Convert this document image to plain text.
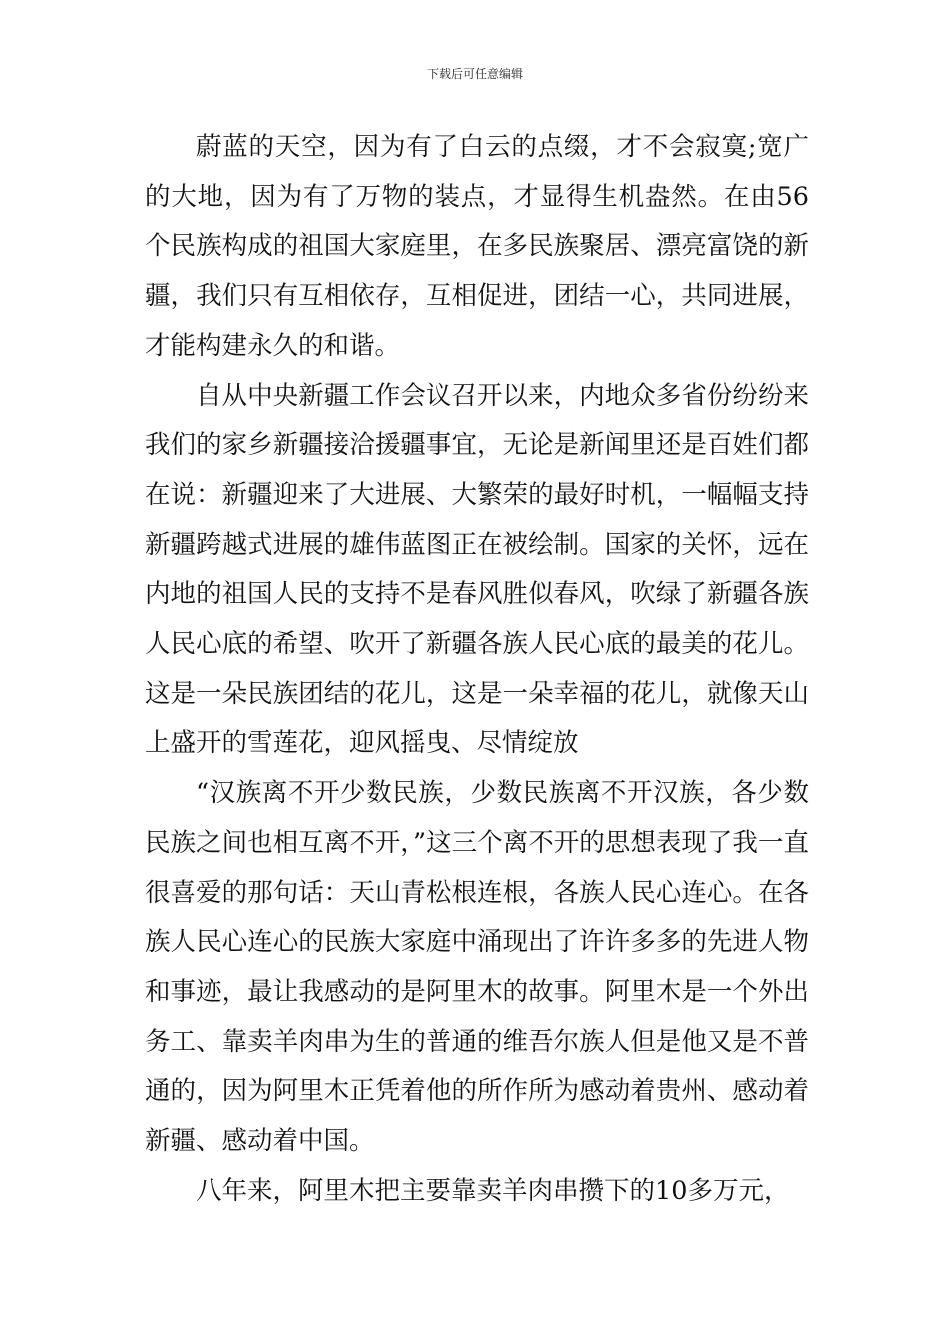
下载后可任意编辑

蔚蓝的天空，因为有了白云的点缀，才不会寂寞;宽广的大地，因为有了万物的装点，才显得生机盎然。在由56个民族构成的祖国大家庭里，在多民族聚居、漂亮富饶的新疆，我们只有互相依存，互相促进，团结一心，共同进展，才能构建永久的和谐。

自从中央新疆工作会议召开以来，内地众多省份纷纷来我们的家乡新疆接洽援疆事宜，无论是新闻里还是百姓们都在说：新疆迎来了大进展、大繁荣的最好时机，一幅幅支持新疆跨越式进展的雄伟蓝图正在被绘制。国家的关怀，远在内地的祖国人民的支持不是春风胜似春风，吹绿了新疆各族人民心底的希望、吹开了新疆各族人民心底的最美的花儿。这是一朵民族团结的花儿，这是一朵幸福的花儿，就像天山上盛开的雪莲花，迎风摇曳、尽情绽放

“汉族离不开少数民族，少数民族离不开汉族，各少数民族之间也相互离不开，”这三个离不开的思想表现了我一直很喜爱的那句话：天山青松根连根，各族人民心连心。在各族人民心连心的民族大家庭中涌现出了许许多多的先进人物和事迹，最让我感动的是阿里木的故事。阿里木是一个外出务工、靠卖羊肉串为生的普通的维吾尔族人但是他又是不普通的，因为阿里木正凭着他的所作所为感动着贵州、感动着新疆、感动着中国。

八年来，阿里木把主要靠卖羊肉串攒下的10多万元，
